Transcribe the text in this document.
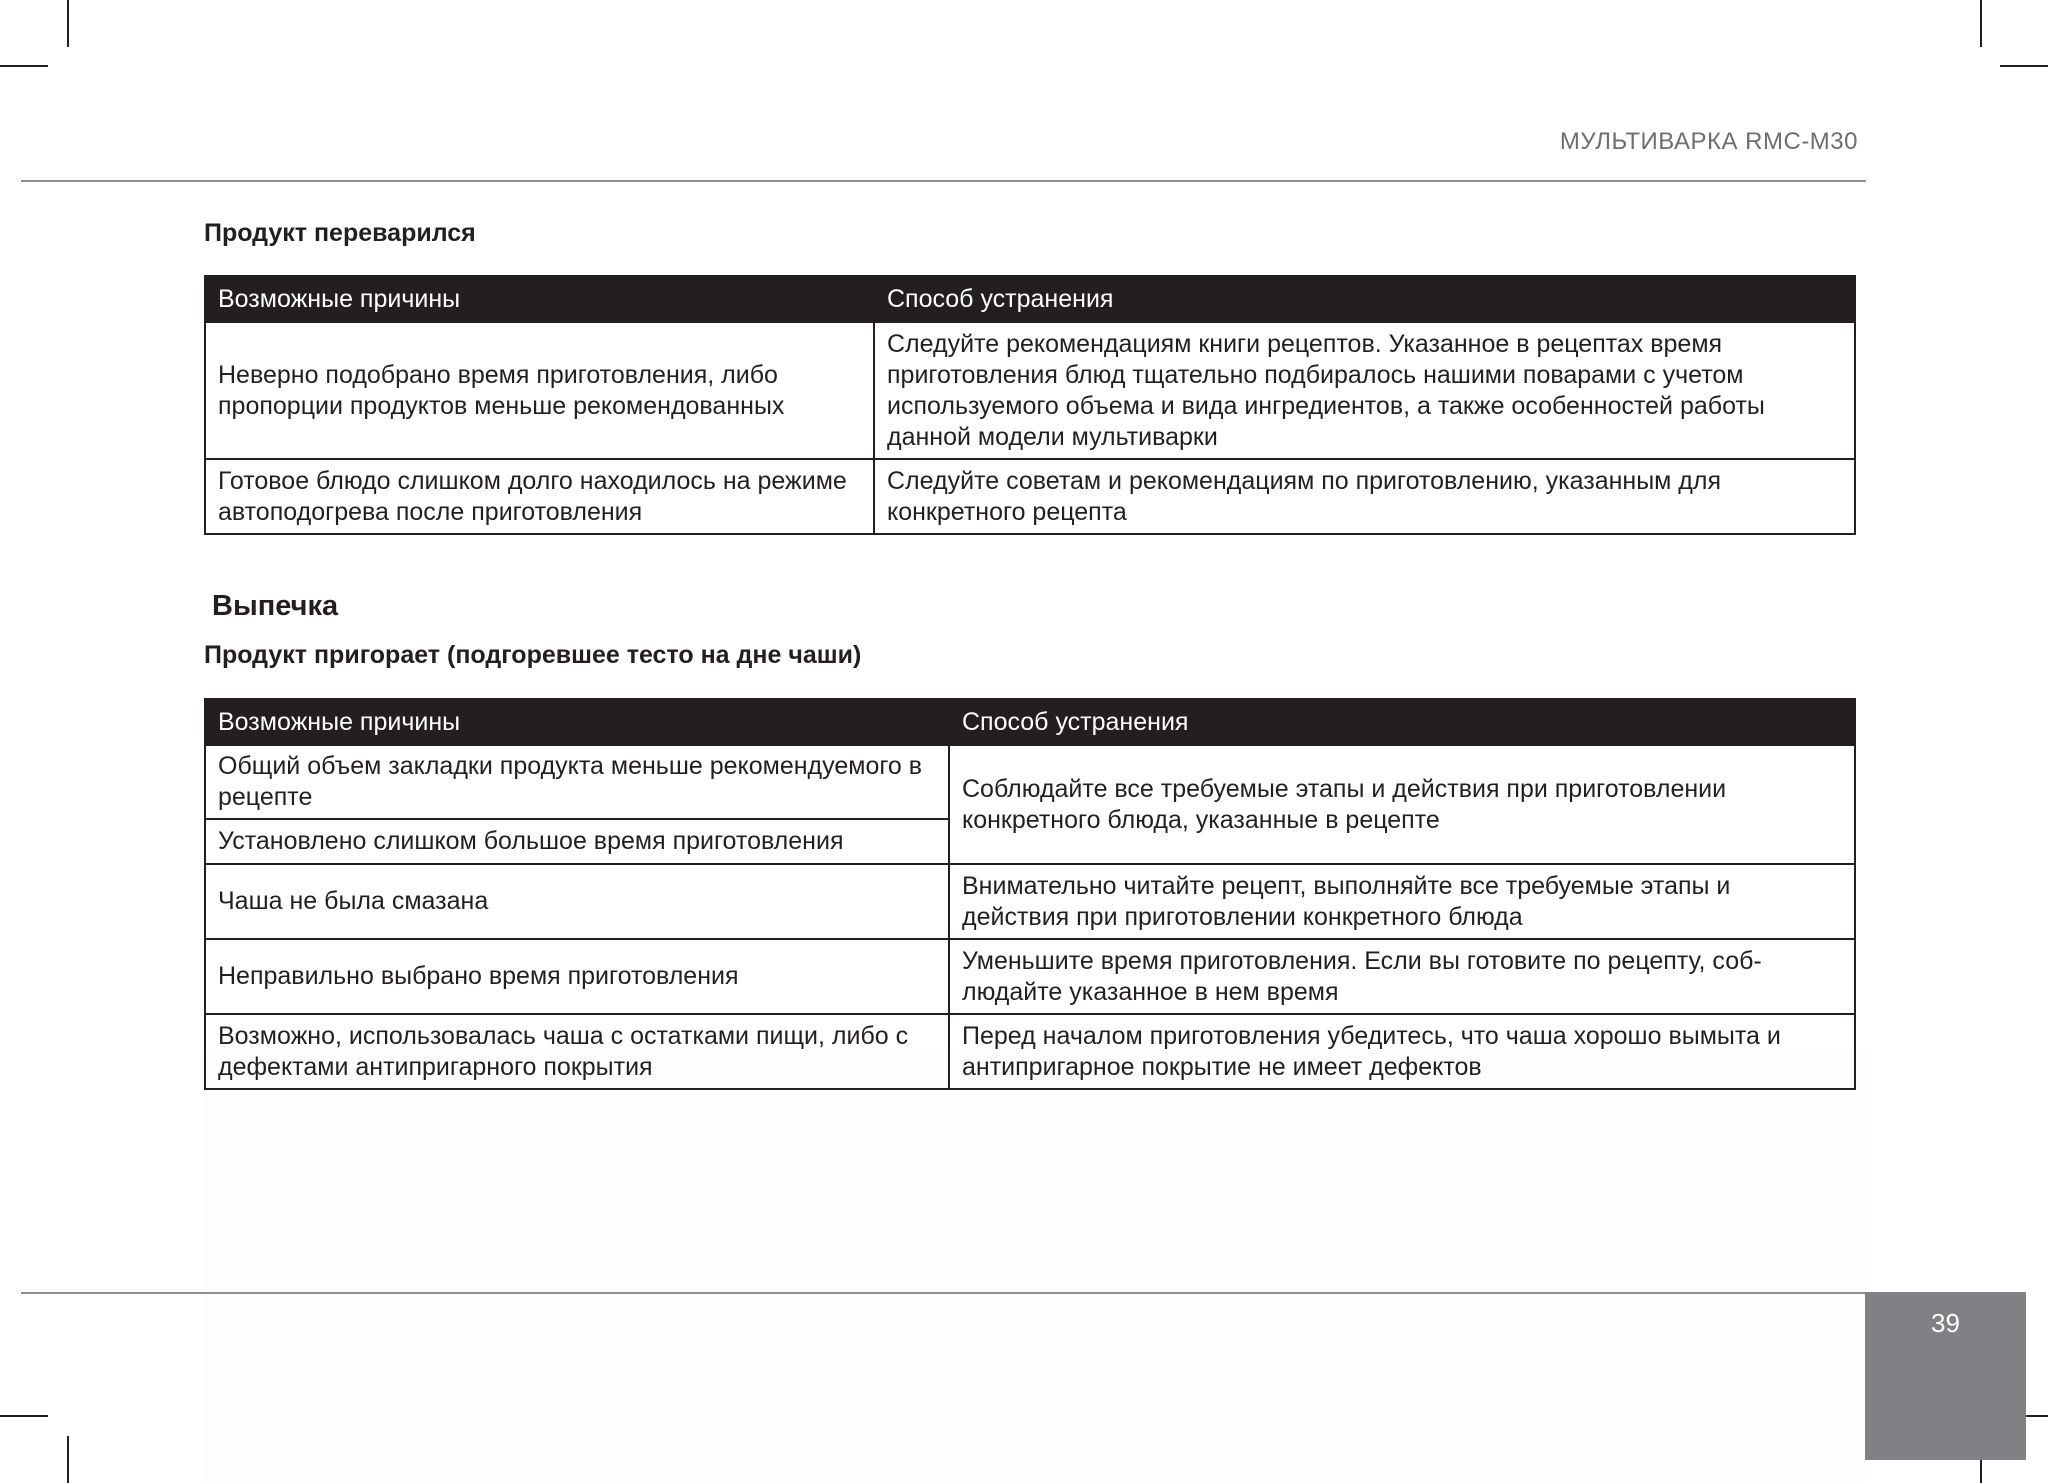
МУЛЬТИВАРКА RMC-M30
Продукт переварился
Возможные причины	Способ устранения
Неверно подобрано время приготовления, либо пропорции продуктов меньше рекомендованных	Следуйте рекомендациям книги рецептов. Указанное в рецептах время приготовления блюд тщательно подбиралось нашими поварами с учетом используемого объема и вида ингредиентов, а также особенностей работы данной модели мультиварки
Готовое блюдо слишком долго находилось на режиме автоподогрева после приготовления	Следуйте советам и рекомендациям по приготовлению, указанным для конкретного рецепта
Выпечка
Продукт пригорает (подгоревшее тесто на дне чаши)
Возможные причины	Способ устранения
Общий объем закладки продукта меньше рекомендуемого в рецепте	Соблюдайте все требуемые этапы и действия при приготовлении конкретного блюда, указанные в рецепте
Установлено слишком большое время приготовления	
Чаша не была смазана	Внимательно читайте рецепт, выполняйте все требуемые этапы и действия при приготовлении конкретного блюда
Неправильно выбрано время приготовления	Уменьшите время приготовления. Если вы готовите по рецепту, соб-людайте указанное в нем время
Возможно, использовалась чаша с остатками пищи, либо с дефектами антипригарного покрытия	Перед началом приготовления убедитесь, что чаша хорошо вымыта и антипригарное покрытие не имеет дефектов
39
